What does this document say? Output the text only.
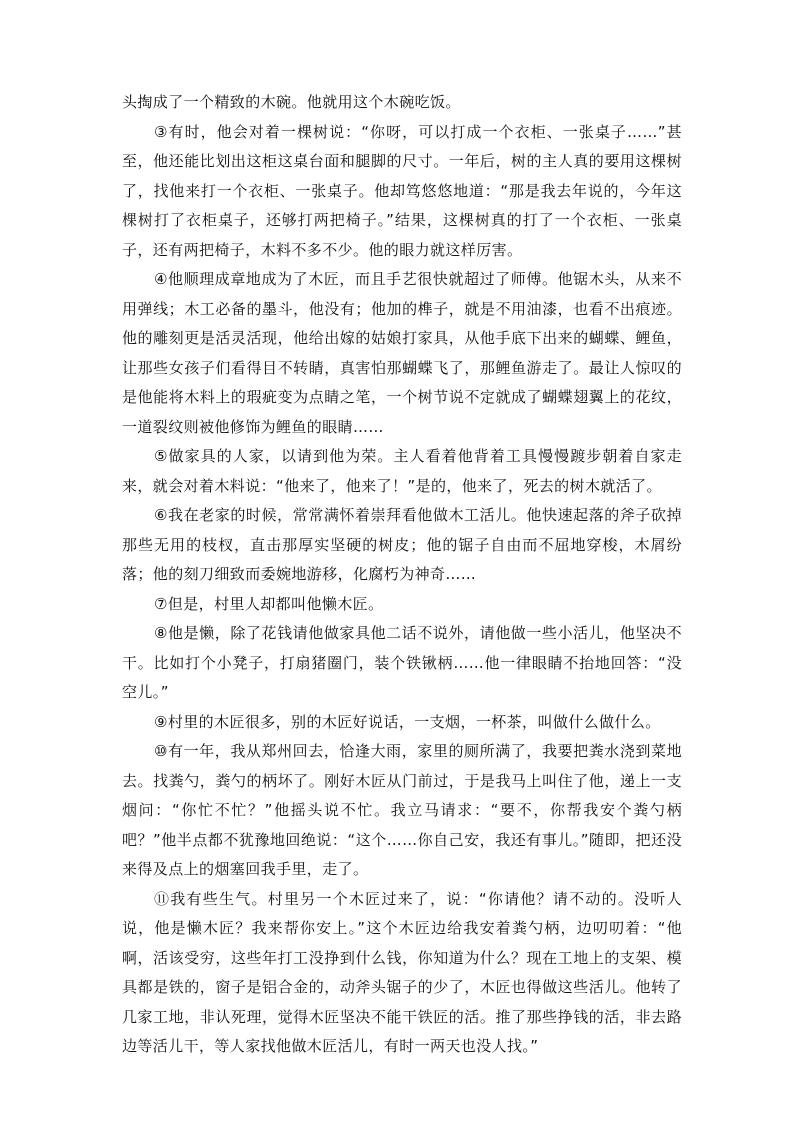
头掏成了一个精致的木碗。他就用这个木碗吃饭。

③有时，他会对着一棵树说：“你呀，可以打成一个衣柜、一张桌子……”甚至，他还能比划出这柜这桌台面和腿脚的尺寸。一年后，树的主人真的要用这棵树了，找他来打一个衣柜、一张桌子。他却笃悠悠地道：“那是我去年说的，今年这棵树打了衣柜桌子，还够打两把椅子。”结果，这棵树真的打了一个衣柜、一张桌子，还有两把椅子，木料不多不少。他的眼力就这样厉害。

④他顺理成章地成为了木匠，而且手艺很快就超过了师傅。他锯木头，从来不用弹线；木工必备的墨斗，他没有；他加的榫子，就是不用油漆，也看不出痕迹。他的雕刻更是活灵活现，他给出嫁的姑娘打家具，从他手底下出来的蝴蝶、鲤鱼，让那些女孩子们看得目不转睛，真害怕那蝴蝶飞了，那鲤鱼游走了。最让人惊叹的是他能将木料上的瑕疵变为点睛之笔，一个树节说不定就成了蝴蝶翅翼上的花纹，一道裂纹则被他修饰为鲤鱼的眼睛……

⑤做家具的人家，以请到他为荣。主人看着他背着工具慢慢踱步朝着自家走来，就会对着木料说：“他来了，他来了！”是的，他来了，死去的树木就活了。

⑥我在老家的时候，常常满怀着崇拜看他做木工活儿。他快速起落的斧子砍掉那些无用的枝杈，直击那厚实坚硬的树皮；他的锯子自由而不屈地穿梭，木屑纷落；他的刻刀细致而委婉地游移，化腐朽为神奇……

⑦但是，村里人却都叫他懒木匠。

⑧他是懒，除了花钱请他做家具他二话不说外，请他做一些小活儿，他坚决不干。比如打个小凳子，打扇猪圈门，装个铁锹柄……他一律眼睛不抬地回答：“没空儿。”

⑨村里的木匠很多，别的木匠好说话，一支烟，一杯茶，叫做什么做什么。

⑩有一年，我从郑州回去，恰逢大雨，家里的厕所满了，我要把粪水浇到菜地去。找粪勺，粪勺的柄坏了。刚好木匠从门前过，于是我马上叫住了他，递上一支烟问：“你忙不忙？”他摇头说不忙。我立马请求：“要不，你帮我安个粪勺柄吧？”他半点都不犹豫地回绝说：“这个……你自己安，我还有事儿。”随即，把还没来得及点上的烟塞回我手里，走了。

⑪我有些生气。村里另一个木匠过来了，说：“你请他？请不动的。没听人说，他是懒木匠？我来帮你安上。”这个木匠边给我安着粪勺柄，边叨叨着：“他啊，活该受穷，这些年打工没挣到什么钱，你知道为什么？现在工地上的支架、模具都是铁的，窗子是铝合金的，动斧头锯子的少了，木匠也得做这些活儿。他转了几家工地，非认死理，觉得木匠坚决不能干铁匠的活。推了那些挣钱的活，非去路边等活儿干，等人家找他做木匠活儿，有时一两天也没人找。”
